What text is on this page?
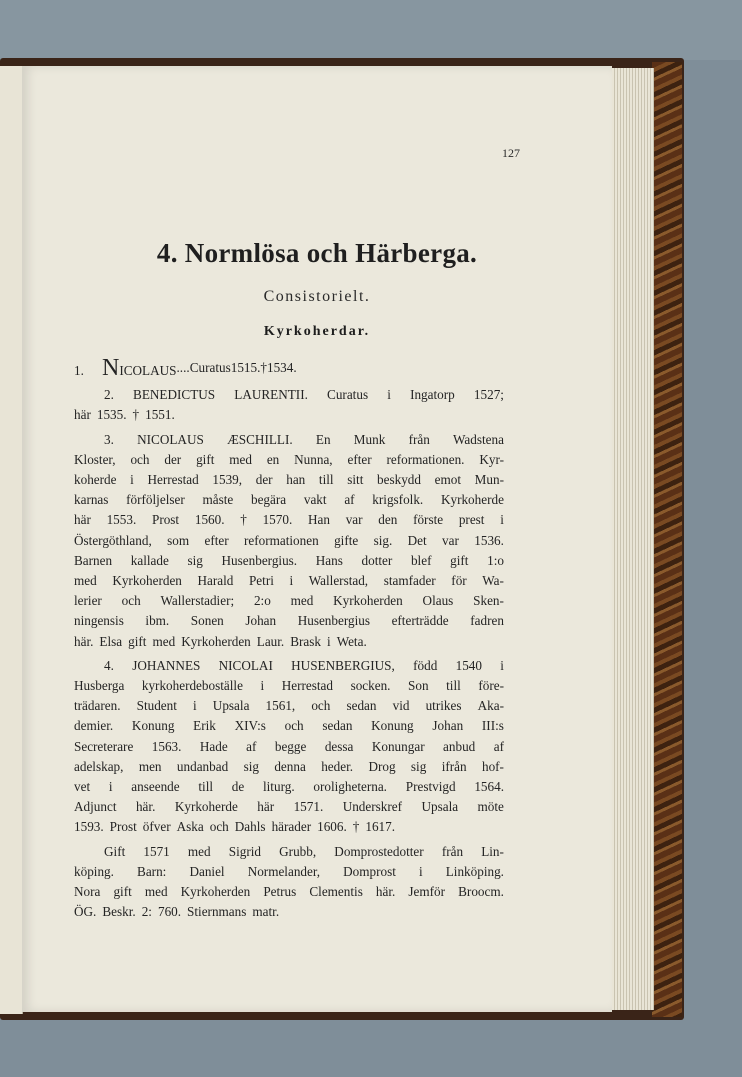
127
4. Normlösa och Härberga.
Consistorielt.
Kyrkoherdar.
1. NICOLAUS . . . . Curatus 1515. † 1534.
2. BENEDICTUS LAURENTII. Curatus i Ingatorp 1527;
här 1535. † 1551.
3. NICOLAUS ÆSCHILLI. En Munk från Wadstena
Kloster, och der gift med en Nunna, efter reformationen. Kyr-
koherde i Herrestad 1539, der han till sitt beskydd emot Mun-
karnas förföljelser måste begära vakt af krigsfolk. Kyrkoherde
här 1553. Prost 1560. † 1570. Han var den förste prest i
Östergöthland, som efter reformationen gifte sig. Det var 1536.
Barnen kallade sig Husenbergius. Hans dotter blef gift 1:o
med Kyrkoherden Harald Petri i Wallerstad, stamfader för Wa-
lerier och Wallerstadier; 2:o med Kyrkoherden Olaus Sken-
ningensis ibm. Sonen Johan Husenbergius efterträdde fadren
här. Elsa gift med Kyrkoherden Laur. Brask i Weta.
4. JOHANNES NICOLAI HUSENBERGIUS, född 1540 i
Husberga kyrkoherdeboställe i Herrestad socken. Son till före-
trädaren. Student i Upsala 1561, och sedan vid utrikes Aka-
demier. Konung Erik XIV:s och sedan Konung Johan III:s
Secreterare 1563. Hade af begge dessa Konungar anbud af
adelskap, men undanbad sig denna heder. Drog sig ifrån hof-
vet i anseende till de liturg. oroligheterna. Prestvigd 1564.
Adjunct här. Kyrkoherde här 1571. Underskref Upsala möte
1593. Prost öfver Aska och Dahls härader 1606. † 1617.
Gift 1571 med Sigrid Grubb, Domprostedotter från Lin-
köping. Barn: Daniel Normelander, Domprost i Linköping.
Nora gift med Kyrkoherden Petrus Clementis här. Jemför Broocm.
ÖG. Beskr. 2: 760. Stiernmans matr.
